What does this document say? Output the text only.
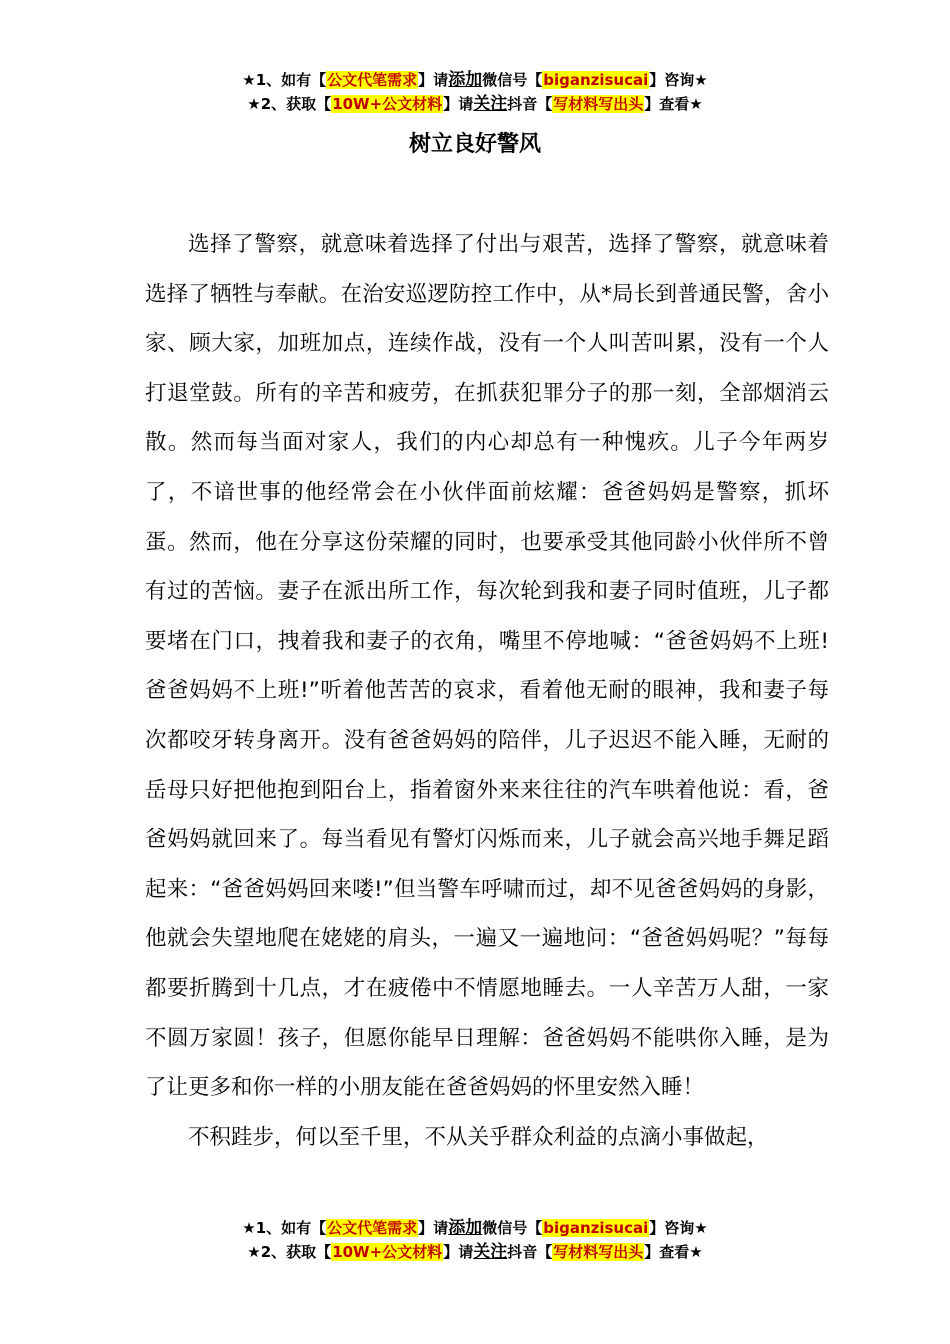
★1、如有【公文代笔需求】请添加微信号【biganzisucai】咨询★
★2、获取【10W+公文材料】请关注抖音【写材料写出头】查看★
树立良好警风

选择了警察，就意味着选择了付出与艰苦，选择了警察，就意味着选择了牺牲与奉献。在治安巡逻防控工作中，从*局长到普通民警，舍小家、顾大家，加班加点，连续作战，没有一个人叫苦叫累，没有一个人打退堂鼓。所有的辛苦和疲劳，在抓获犯罪分子的那一刻，全部烟消云散。然而每当面对家人，我们的内心却总有一种愧疚。儿子今年两岁了，不谙世事的他经常会在小伙伴面前炫耀：爸爸妈妈是警察，抓坏蛋。然而，他在分享这份荣耀的同时，也要承受其他同龄小伙伴所不曾有过的苦恼。妻子在派出所工作，每次轮到我和妻子同时值班，儿子都要堵在门口，拽着我和妻子的衣角，嘴里不停地喊：“爸爸妈妈不上班!爸爸妈妈不上班!”听着他苦苦的哀求，看着他无耐的眼神，我和妻子每次都咬牙转身离开。没有爸爸妈妈的陪伴，儿子迟迟不能入睡，无耐的岳母只好把他抱到阳台上，指着窗外来来往往的汽车哄着他说：看，爸爸妈妈就回来了。每当看见有警灯闪烁而来，儿子就会高兴地手舞足蹈起来：“爸爸妈妈回来喽!”但当警车呼啸而过，却不见爸爸妈妈的身影，他就会失望地爬在姥姥的肩头，一遍又一遍地问：“爸爸妈妈呢？”每每都要折腾到十几点，才在疲倦中不情愿地睡去。一人辛苦万人甜，一家不圆万家圆！孩子，但愿你能早日理解：爸爸妈妈不能哄你入睡，是为了让更多和你一样的小朋友能在爸爸妈妈的怀里安然入睡！

不积跬步，何以至千里，不从关乎群众利益的点滴小事做起，

★1、如有【公文代笔需求】请添加微信号【biganzisucai】咨询★
★2、获取【10W+公文材料】请关注抖音【写材料写出头】查看★
